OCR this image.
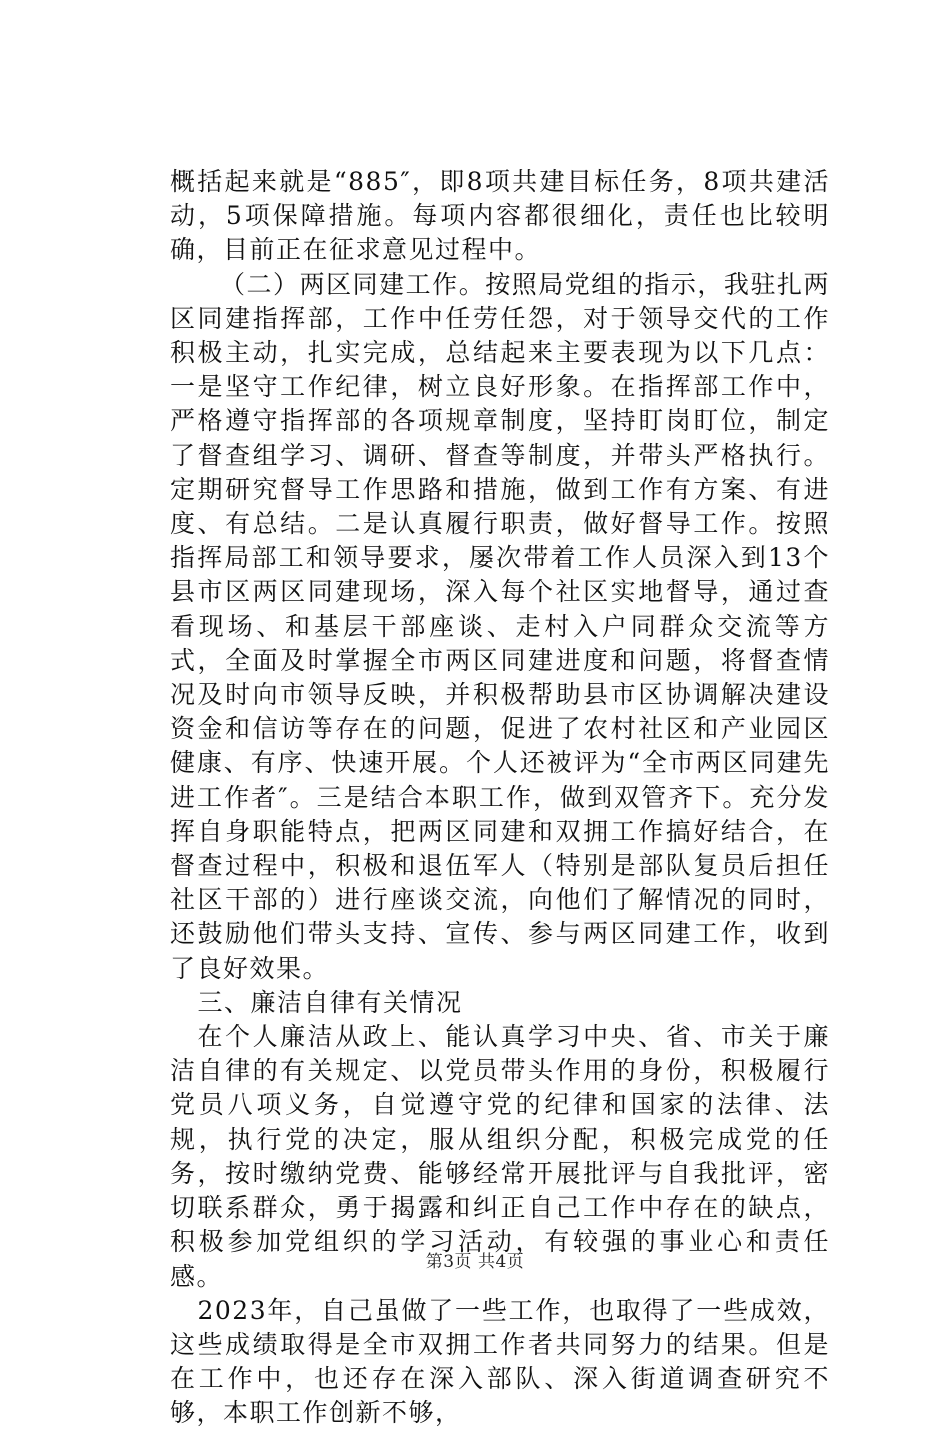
概括起来就是“885″，即8项共建目标任务，8项共建活动，5项保障措施。每项内容都很细化，责任也比较明确，目前正在征求意见过程中。

（二）两区同建工作。按照局党组的指示，我驻扎两区同建指挥部，工作中任劳任怨，对于领导交代的工作积极主动，扎实完成，总结起来主要表现为以下几点：一是坚守工作纪律，树立良好形象。在指挥部工作中，严格遵守指挥部的各项规章制度，坚持盯岗盯位，制定了督查组学习、调研、督查等制度，并带头严格执行。定期研究督导工作思路和措施，做到工作有方案、有进度、有总结。二是认真履行职责，做好督导工作。按照指挥局部工和领导要求，屡次带着工作人员深入到13个县市区两区同建现场，深入每个社区实地督导，通过查看现场、和基层干部座谈、走村入户同群众交流等方式，全面及时掌握全市两区同建进度和问题，将督查情况及时向市领导反映，并积极帮助县市区协调解决建设资金和信访等存在的问题，促进了农村社区和产业园区健康、有序、快速开展。个人还被评为“全市两区同建先进工作者″。三是结合本职工作，做到双管齐下。充分发挥自身职能特点，把两区同建和双拥工作搞好结合，在督查过程中，积极和退伍军人（特别是部队复员后担任社区干部的）进行座谈交流，向他们了解情况的同时，还鼓励他们带头支持、宣传、参与两区同建工作，收到了良好效果。

三、廉洁自律有关情况

在个人廉洁从政上、能认真学习中央、省、市关于廉洁自律的有关规定、以党员带头作用的身份，积极履行党员八项义务，自觉遵守党的纪律和国家的法律、法规，执行党的决定，服从组织分配，积极完成党的任务，按时缴纳党费、能够经常开展批评与自我批评，密切联系群众，勇于揭露和纠正自己工作中存在的缺点，积极参加党组织的学习活动，有较强的事业心和责任感。

2023年，自己虽做了一些工作，也取得了一些成效，这些成绩取得是全市双拥工作者共同努力的结果。但是在工作中，也还存在深入部队、深入街道调查研究不够，本职工作创新不够，

第3页 共4页
